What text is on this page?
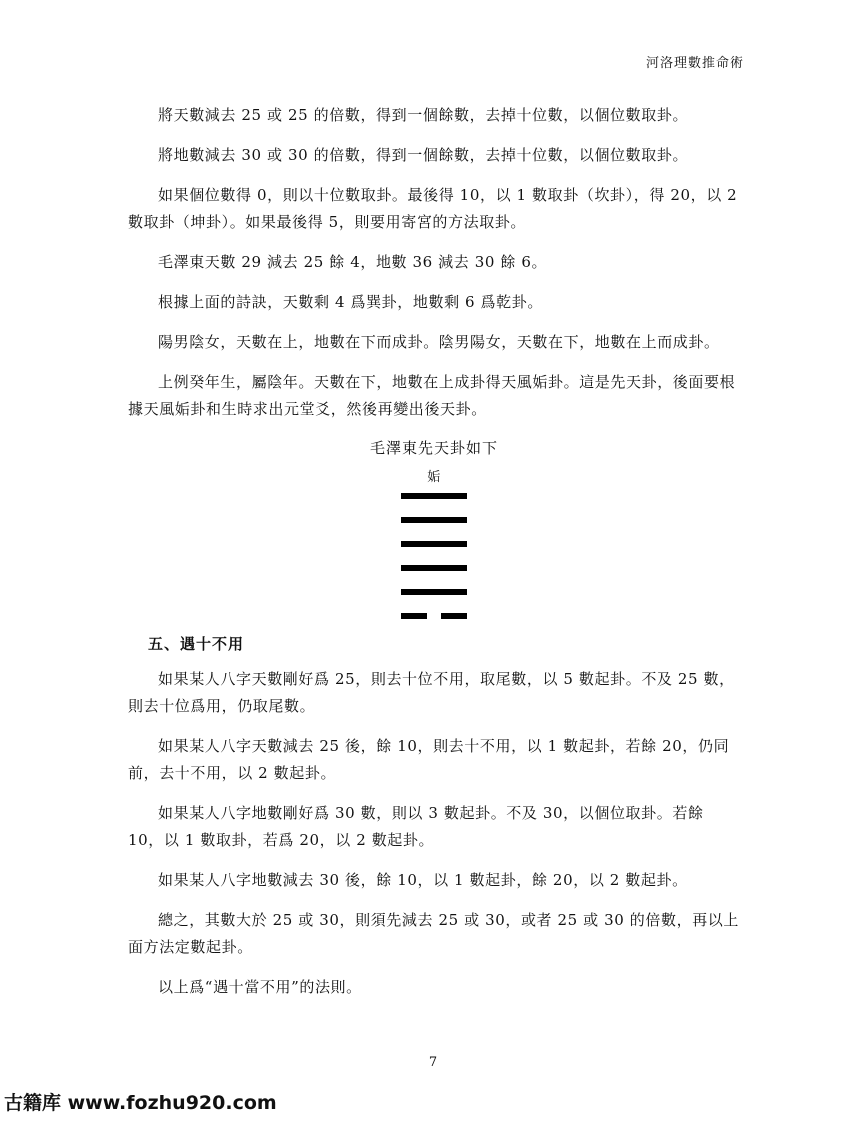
河洛理數推命術

將天數減去 25 或 25 的倍數，得到一個餘數，去掉十位數，以個位數取卦。

將地數減去 30 或 30 的倍數，得到一個餘數，去掉十位數，以個位數取卦。

如果個位數得 0，則以十位數取卦。最後得 10，以 1 數取卦（坎卦），得 20，以 2 數取卦（坤卦）。如果最後得 5，則要用寄宮的方法取卦。

毛澤東天數 29 減去 25 餘 4，地數 36 減去 30 餘 6。

根據上面的詩訣，天數剩 4 爲巽卦，地數剩 6 爲乾卦。

陽男陰女，天數在上，地數在下而成卦。陰男陽女，天數在下，地數在上而成卦。

上例癸年生，屬陰年。天數在下，地數在上成卦得天風姤卦。這是先天卦，後面要根據天風姤卦和生時求出元堂爻，然後再變出後天卦。

毛澤東先天卦如下
姤
五、遇十不用

如果某人八字天數剛好爲 25，則去十位不用，取尾數，以 5 數起卦。不及 25 數，則去十位爲用，仍取尾數。

如果某人八字天數減去 25 後，餘 10，則去十不用，以 1 數起卦，若餘 20，仍同前，去十不用，以 2 數起卦。

如果某人八字地數剛好爲 30 數，則以 3 數起卦。不及 30，以個位取卦。若餘 10，以 1 數取卦，若爲 20，以 2 數起卦。

如果某人八字地數減去 30 後，餘 10，以 1 數起卦，餘 20，以 2 數起卦。

總之，其數大於 25 或 30，則須先減去 25 或 30，或者 25 或 30 的倍數，再以上面方法定數起卦。

以上爲“遇十當不用”的法則。

7
古籍库 www.fozhu920.com
